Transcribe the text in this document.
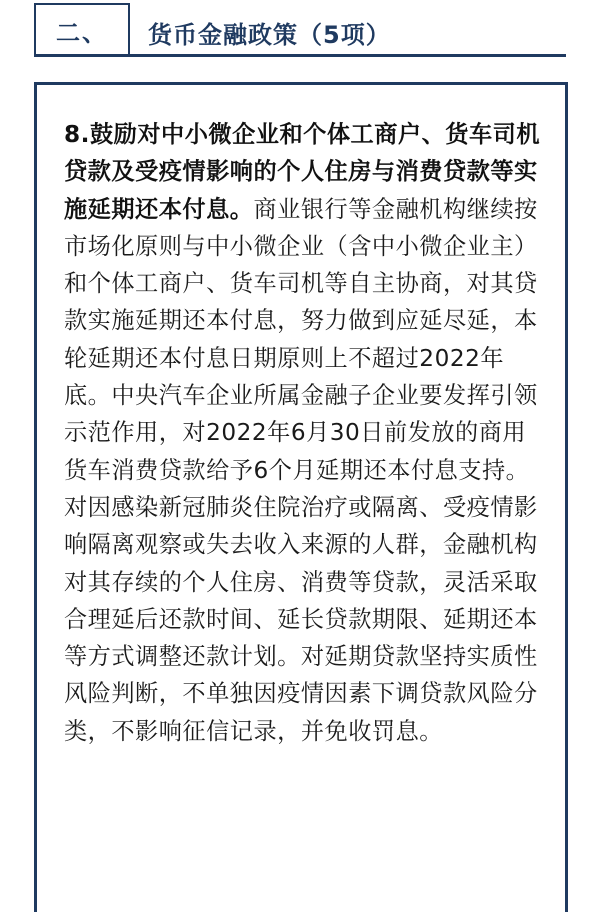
二、	货币金融政策（5项）

8.鼓励对中小微企业和个体工商户、货车司机贷款及受疫情影响的个人住房与消费贷款等实施延期还本付息。商业银行等金融机构继续按市场化原则与中小微企业（含中小微企业主）和个体工商户、货车司机等自主协商，对其贷款实施延期还本付息，努力做到应延尽延，本轮延期还本付息日期原则上不超过2022年底。中央汽车企业所属金融子企业要发挥引领示范作用，对2022年6月30日前发放的商用货车消费贷款给予6个月延期还本付息支持。对因感染新冠肺炎住院治疗或隔离、受疫情影响隔离观察或失去收入来源的人群，金融机构对其存续的个人住房、消费等贷款，灵活采取合理延后还款时间、延长贷款期限、延期还本等方式调整还款计划。对延期贷款坚持实质性风险判断，不单独因疫情因素下调贷款风险分类，不影响征信记录，并免收罚息。
